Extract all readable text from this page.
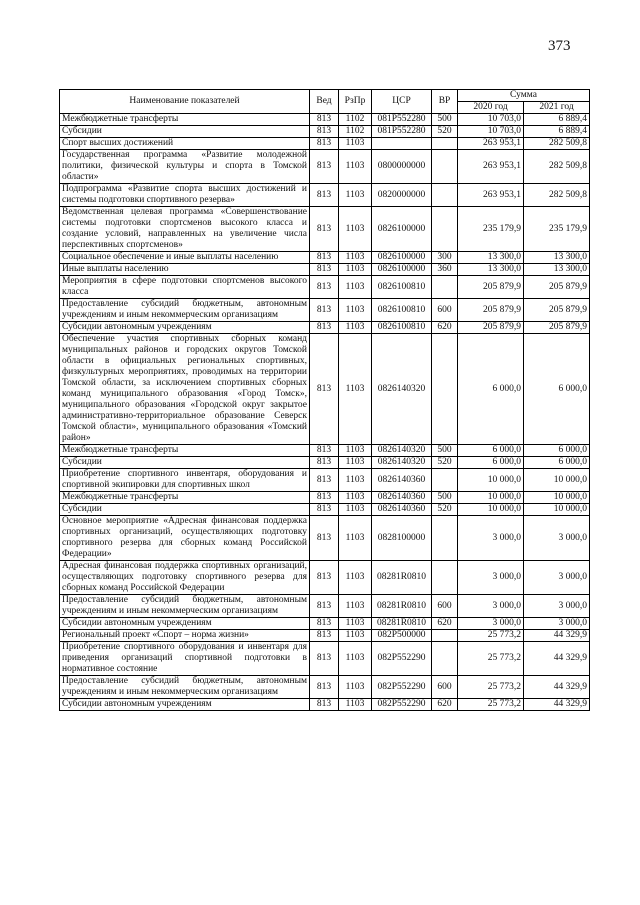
373
Наименование показателей	Вед	РзПр	ЦСР	ВР	Сумма	
					2020 год	2021 год
Межбюджетные трансферты	813	1102	081P552280	500	10 703,0	6 889,4
Субсидии	813	1102	081P552280	520	10 703,0	6 889,4
Спорт высших достижений	813	1103			263 953,1	282 509,8
Государственная программа «Развитие молодежной политики, физической культуры и спорта в Томской области»	813	1103	0800000000		263 953,1	282 509,8
Подпрограмма «Развитие спорта высших достижений и системы подготовки спортивного резерва»	813	1103	0820000000		263 953,1	282 509,8
Ведомственная целевая программа «Совершенствование системы подготовки спортсменов высокого класса и создание условий, направленных на увеличение числа перспективных спортсменов»	813	1103	0826100000		235 179,9	235 179,9
Социальное обеспечение и иные выплаты населению	813	1103	0826100000	300	13 300,0	13 300,0
Иные выплаты населению	813	1103	0826100000	360	13 300,0	13 300,0
Мероприятия в сфере подготовки спортсменов высокого класса	813	1103	0826100810		205 879,9	205 879,9
Предоставление субсидий бюджетным, автономным учреждениям и иным некоммерческим организациям	813	1103	0826100810	600	205 879,9	205 879,9
Субсидии автономным учреждениям	813	1103	0826100810	620	205 879,9	205 879,9
Обеспечение участия спортивных сборных команд муниципальных районов и городских округов Томской области в официальных региональных спортивных, физкультурных мероприятиях, проводимых на территории Томской области, за исключением спортивных сборных команд муниципального образования «Город Томск», муниципального образования «Городской округ закрытое административно-территориальное образование Северск Томской области», муниципального образования «Томский район»	813	1103	0826140320		6 000,0	6 000,0
Межбюджетные трансферты	813	1103	0826140320	500	6 000,0	6 000,0
Субсидии	813	1103	0826140320	520	6 000,0	6 000,0
Приобретение спортивного инвентаря, оборудования и спортивной экипировки для спортивных школ	813	1103	0826140360		10 000,0	10 000,0
Межбюджетные трансферты	813	1103	0826140360	500	10 000,0	10 000,0
Субсидии	813	1103	0826140360	520	10 000,0	10 000,0
Основное мероприятие «Адресная финансовая поддержка спортивных организаций, осуществляющих подготовку спортивного резерва для сборных команд Российской Федерации»	813	1103	0828100000		3 000,0	3 000,0
Адресная финансовая поддержка спортивных организаций, осуществляющих подготовку спортивного резерва для сборных команд Российской Федерации	813	1103	08281R0810		3 000,0	3 000,0
Предоставление субсидий бюджетным, автономным учреждениям и иным некоммерческим организациям	813	1103	08281R0810	600	3 000,0	3 000,0
Субсидии автономным учреждениям	813	1103	08281R0810	620	3 000,0	3 000,0
Региональный проект «Спорт – норма жизни»	813	1103	082P500000		25 773,2	44 329,9
Приобретение спортивного оборудования и инвентаря для приведения организаций спортивной подготовки в нормативное состояние	813	1103	082P552290		25 773,2	44 329,9
Предоставление субсидий бюджетным, автономным учреждениям и иным некоммерческим организациям	813	1103	082P552290	600	25 773,2	44 329,9
Субсидии автономным учреждениям	813	1103	082P552290	620	25 773,2	44 329,9
